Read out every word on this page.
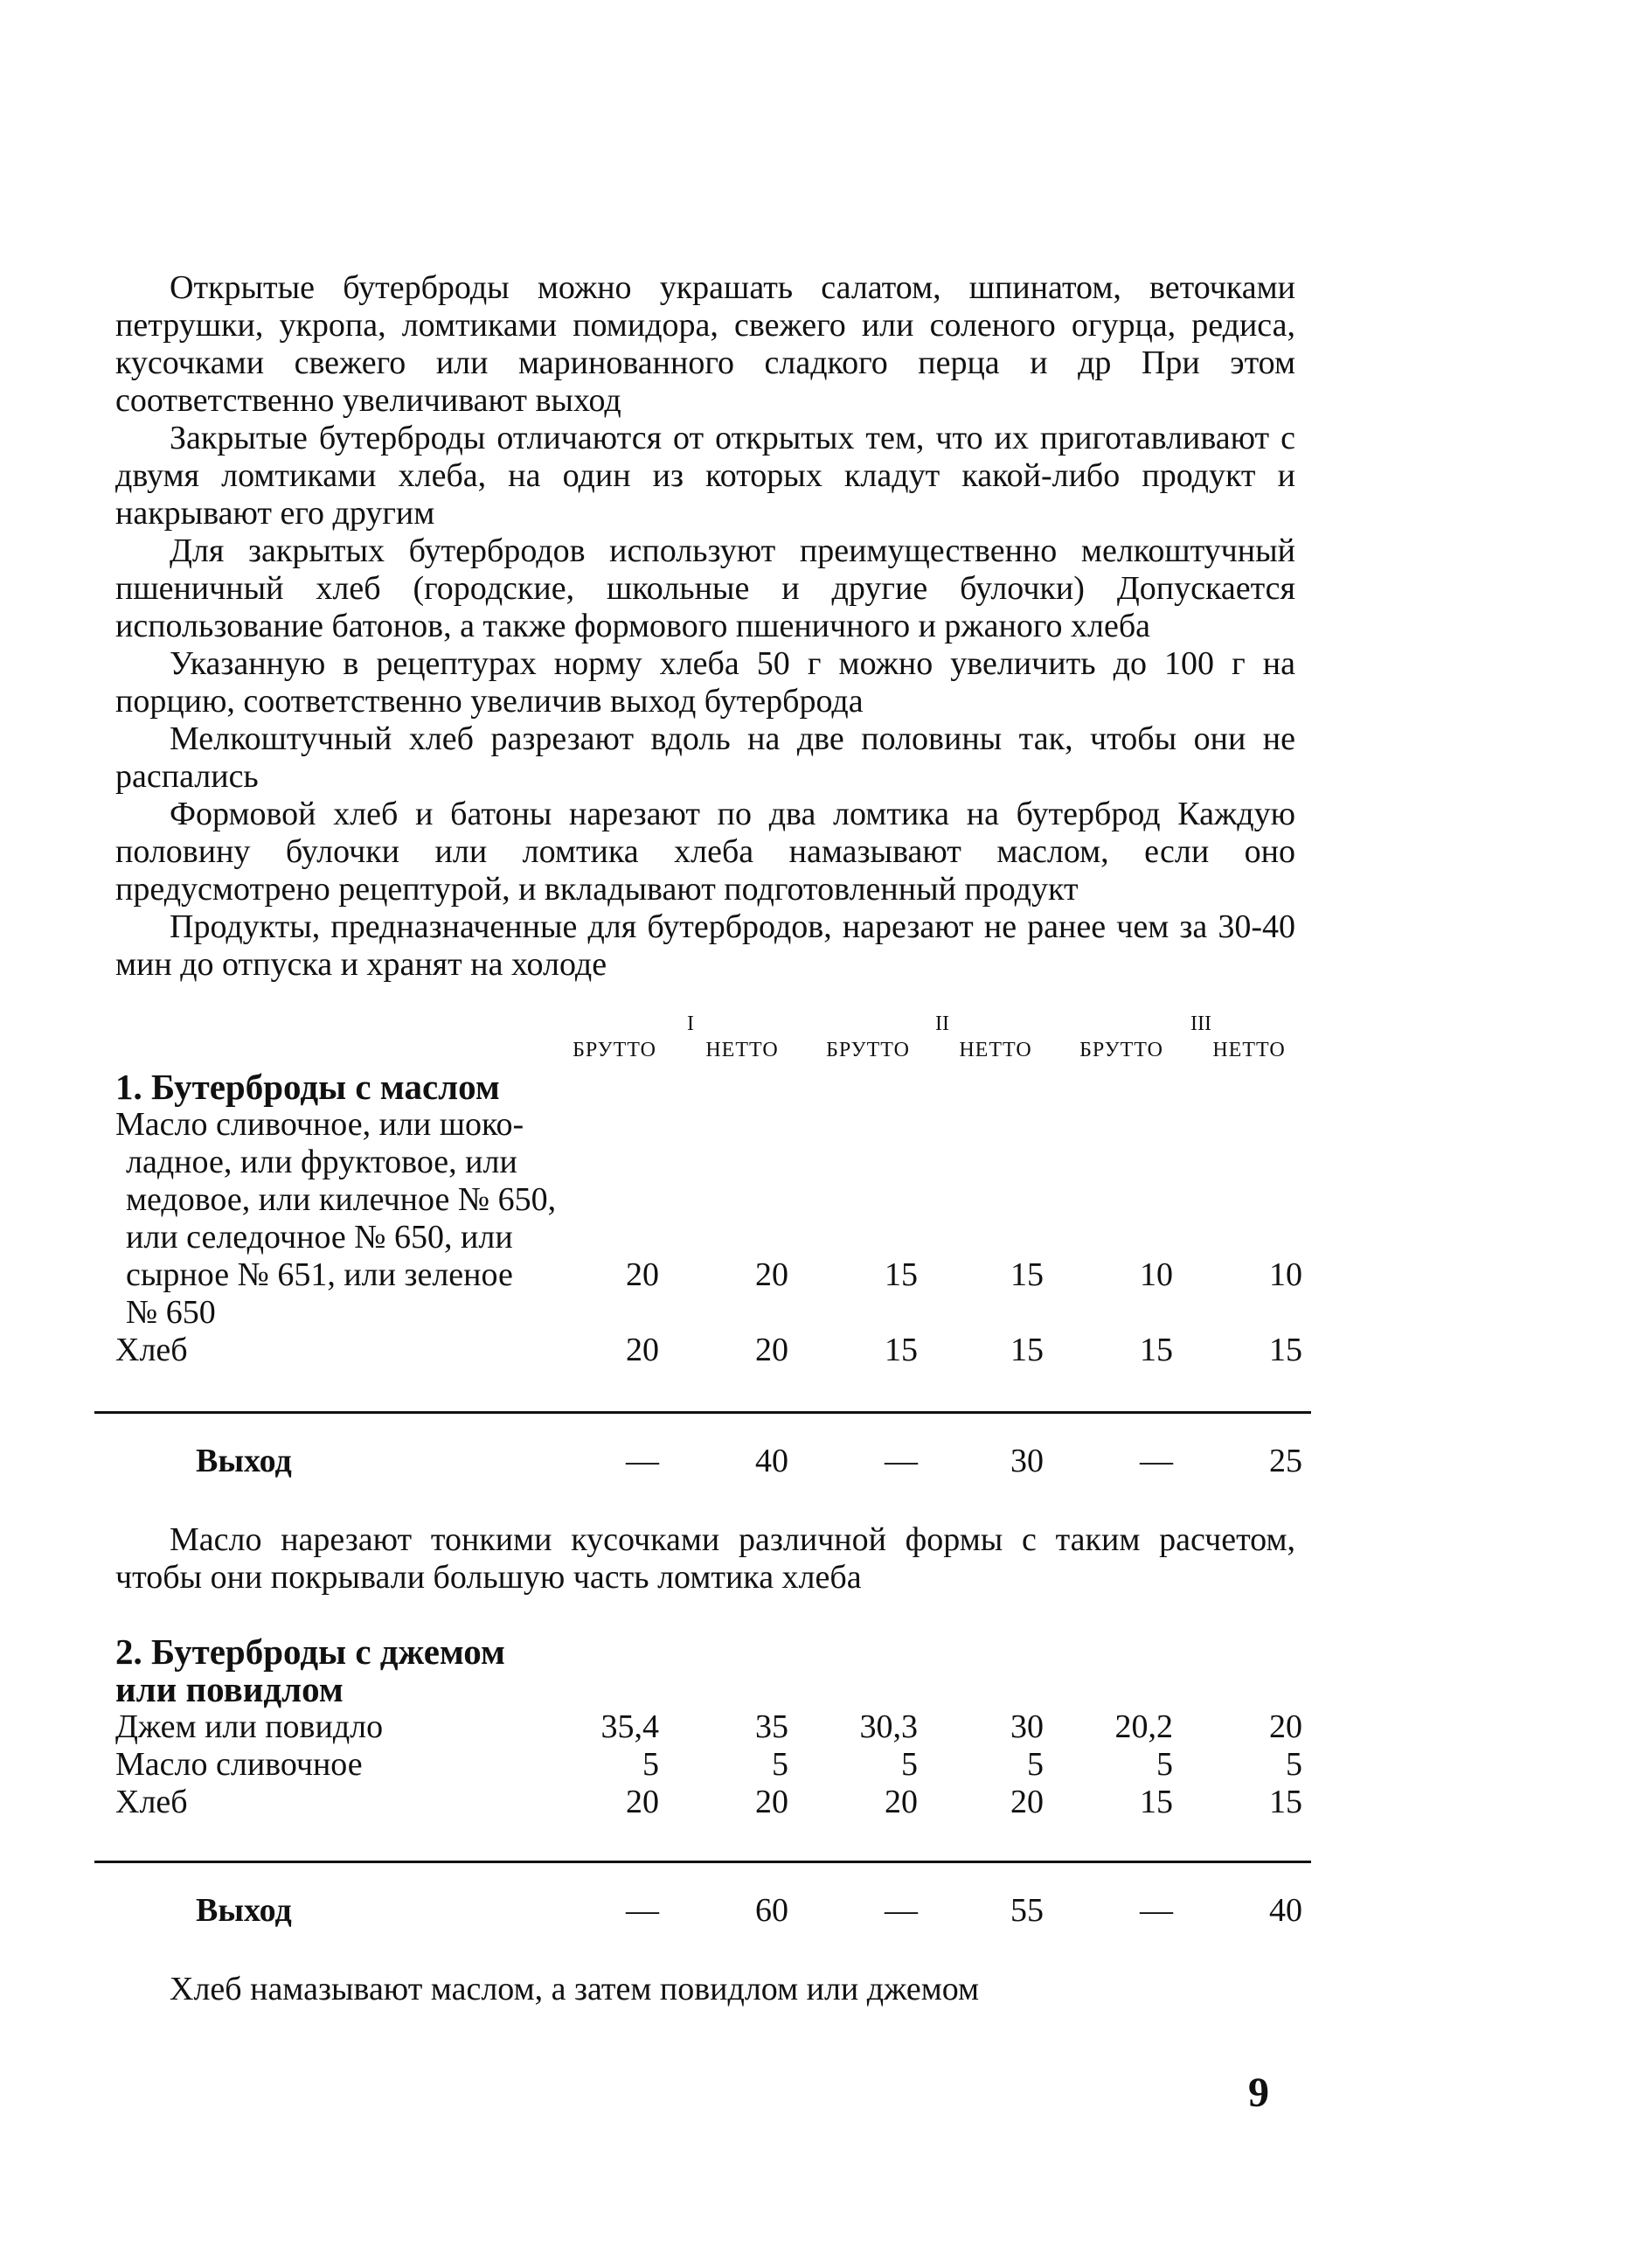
Открытые бутерброды можно украшать салатом, шпинатом, веточками петрушки, укропа, ломтиками помидора, свежего или соленого огурца, редиса, кусочками свежего или маринованного сладкого перца и др При этом соответственно увеличивают выход

Закрытые бутерброды отличаются от открытых тем, что их приготавливают с двумя ломтиками хлеба, на один из которых кладут какой-либо продукт и накрывают его другим

Для закрытых бутербродов используют преимущественно мелкоштучный пшеничный хлеб (городские, школьные и другие булочки) Допускается использование батонов, а также формового пшеничного и ржаного хлеба

Указанную в рецептурах норму хлеба 50 г можно увеличить до 100 г на порцию, соответственно увеличив выход бутерброда

Мелкоштучный хлеб разрезают вдоль на две половины так, чтобы они не распались

Формовой хлеб и батоны нарезают по два ломтика на бутерброд Каждую половину булочки или ломтика хлеба намазывают маслом, если оно предусмотрено рецептурой, и вкладывают подготовленный продукт

Продукты, предназначенные для бутербродов, нарезают не ранее чем за 30-40 мин до отпуска и хранят на холоде

I	II	III
БРУТТО	НЕТТО	БРУТТО	НЕТТО	БРУТТО	НЕТТО
1. Бутерброды с маслом
Масло сливочное, или шоко-
ладное, или фруктовое, или
медовое, или килечное № 650,
или селедочное № 650, или
сырное № 651, или зеленое
№ 650
20	20	15	15	10	10
Хлеб	20	20	15	15	15	15
Выход	—	40	—	30	—	25

Масло нарезают тонкими кусочками различной формы с таким расчетом, чтобы они покрывали большую часть ломтика хлеба

2. Бутерброды с джемом
или повидлом
Джем или повидло	35,4	35	30,3	30	20,2	20
Масло сливочное	5	5	5	5	5	5
Хлеб	20	20	20	20	15	15
Выход	—	60	—	55	—	40

Хлеб намазывают маслом, а затем повидлом или джемом

9
